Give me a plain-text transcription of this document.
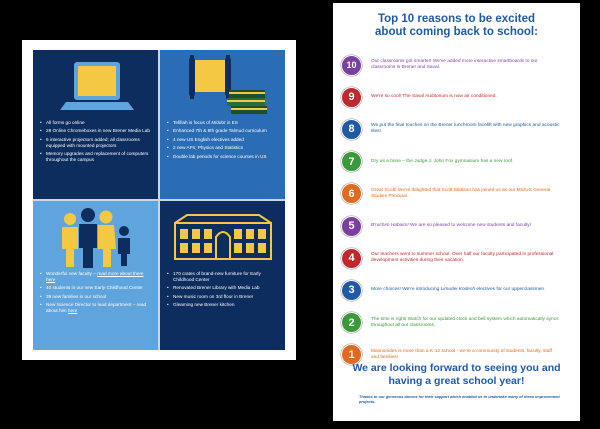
• All forms go online
• 28 Online Chromeboxes in new Brener Media Lab
• 6 interactive projectors added; all classrooms equipped with mounted projectors
• Memory upgrades and replacement of computers throughout the campus
• Tefillah is focus of Middot in ES
• Enhanced 7th & 8th grade Talmud curriculum
• 4 new US English electives added
• 2 new APs; Physics and Statistics
• Double lab periods for science courses in US
• Wonderful new faculty – read more about them here
• 40 students in our new Early Childhood Center
• 39 new families in our school
• New Science Director to lead department – read about him here
• 170 crates of brand-new furniture for Early Childhood Center
• Renovated Brener Library with Media Lab
• New music room on 3rd floor in Brener
• Gleaming new Brener kitchen
Top 10 reasons to be excited
about coming back to school:
10	Our classrooms got smarter! We've added more interactive smartboards to our classrooms in Brener and Saval.
9	We're so cool! The Saval Auditorium is now air conditioned.
8	We put the final touches on the Brener lunchroom facelift with new graphics and acoustic tiles!
7	Dry as a bone – the Judge J. John Fox gymnasium has a new roof.
6	Great Scott! We're delighted that Scott Mattson has joined us as our MS/US General Studies Principal.
5	B'ruchim Habaim! We are so pleased to welcome new students and faculty!
4	Our teachers went to summer school. Over half our faculty participated in professional development activities during their vacation.
3	More choices! We're introducing Limudei Kodesh electives for our upperclassmen.
2	The time is right! Watch for our updated clock and bell system which automatically syncs throughout all our classrooms.
1	Maimonides is more than a K-12 school - we're a community of students, faculty, staff and families!
We are looking forward to seeing you and
having a great school year!
Thanks to our generous donors for their support which enabled us to undertake many of these improvement projects.
